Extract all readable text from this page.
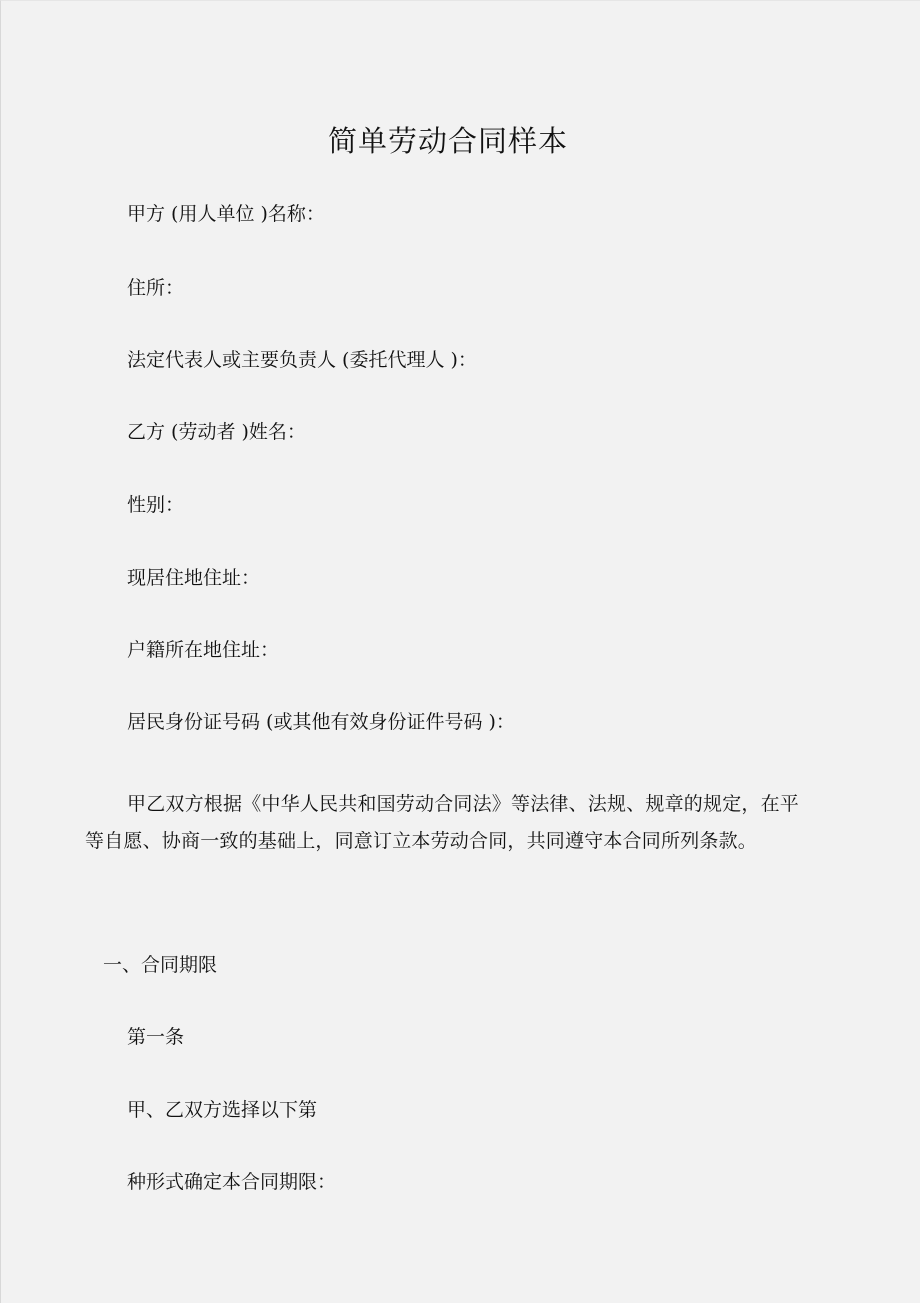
简单劳动合同样本
甲方 (用人单位 )名称：
住所：
法定代表人或主要负责人 (委托代理人 )：
乙方 (劳动者 )姓名：
性别：
现居住地住址：
户籍所在地住址：
居民身份证号码 (或其他有效身份证件号码 )：
甲乙双方根据《中华人民共和国劳动合同法》等法律、法规、规章的规定，在平等自愿、协商一致的基础上，同意订立本劳动合同，共同遵守本合同所列条款。
一、合同期限
第一条
甲、乙双方选择以下第
种形式确定本合同期限：
